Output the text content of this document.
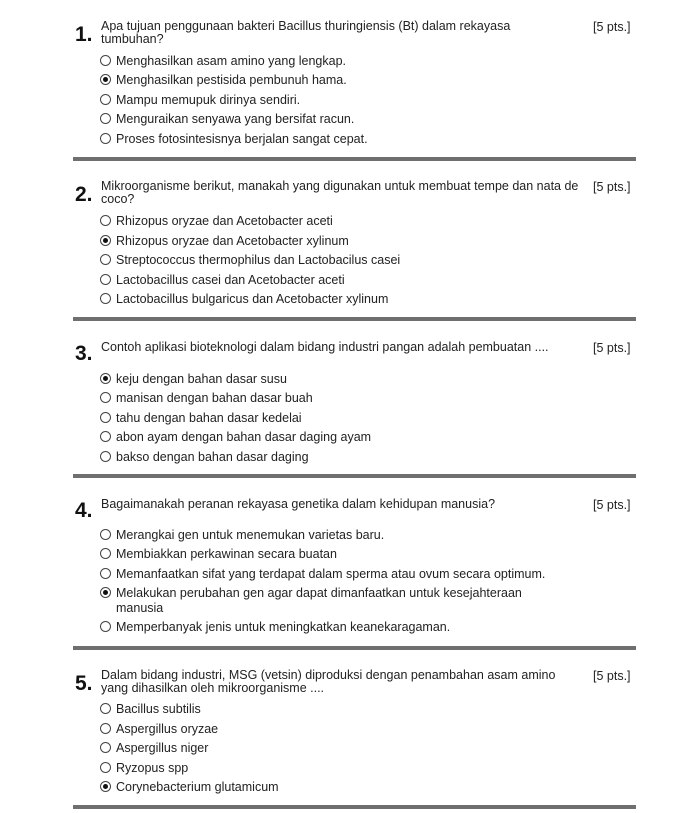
1. Apa tujuan penggunaan bakteri Bacillus thuringiensis (Bt) dalam rekayasa tumbuhan?
[5 pts.]
Menghasilkan asam amino yang lengkap.
Menghasilkan pestisida pembunuh hama.
Mampu memupuk dirinya sendiri.
Menguraikan senyawa yang bersifat racun.
Proses fotosintesisnya berjalan sangat cepat.
2. Mikroorganisme berikut, manakah yang digunakan untuk membuat tempe dan nata de coco?
[5 pts.]
Rhizopus oryzae dan Acetobacter aceti
Rhizopus oryzae dan Acetobacter xylinum
Streptococcus thermophilus dan Lactobacilus casei
Lactobacillus casei dan Acetobacter aceti
Lactobacillus bulgaricus dan Acetobacter xylinum
3. Contoh aplikasi bioteknologi dalam bidang industri pangan adalah pembuatan ....	[5 pts.]
keju dengan bahan dasar susu
manisan dengan bahan dasar buah
tahu dengan bahan dasar kedelai
abon ayam dengan bahan dasar daging ayam
bakso dengan bahan dasar daging
4. Bagaimanakah peranan rekayasa genetika dalam kehidupan manusia?	[5 pts.]
Merangkai gen untuk menemukan varietas baru.
Membiakkan perkawinan secara buatan
Memanfaatkan sifat yang terdapat dalam sperma atau ovum secara optimum.
Melakukan perubahan gen agar dapat dimanfaatkan untuk kesejahteraan manusia
Memperbanyak jenis untuk meningkatkan keanekaragaman.
5. Dalam bidang industri, MSG (vetsin) diproduksi dengan penambahan asam amino yang dihasilkan oleh mikroorganisme ....
[5 pts.]
Bacillus subtilis
Aspergillus oryzae
Aspergillus niger
Ryzopus spp
Corynebacterium glutamicum
